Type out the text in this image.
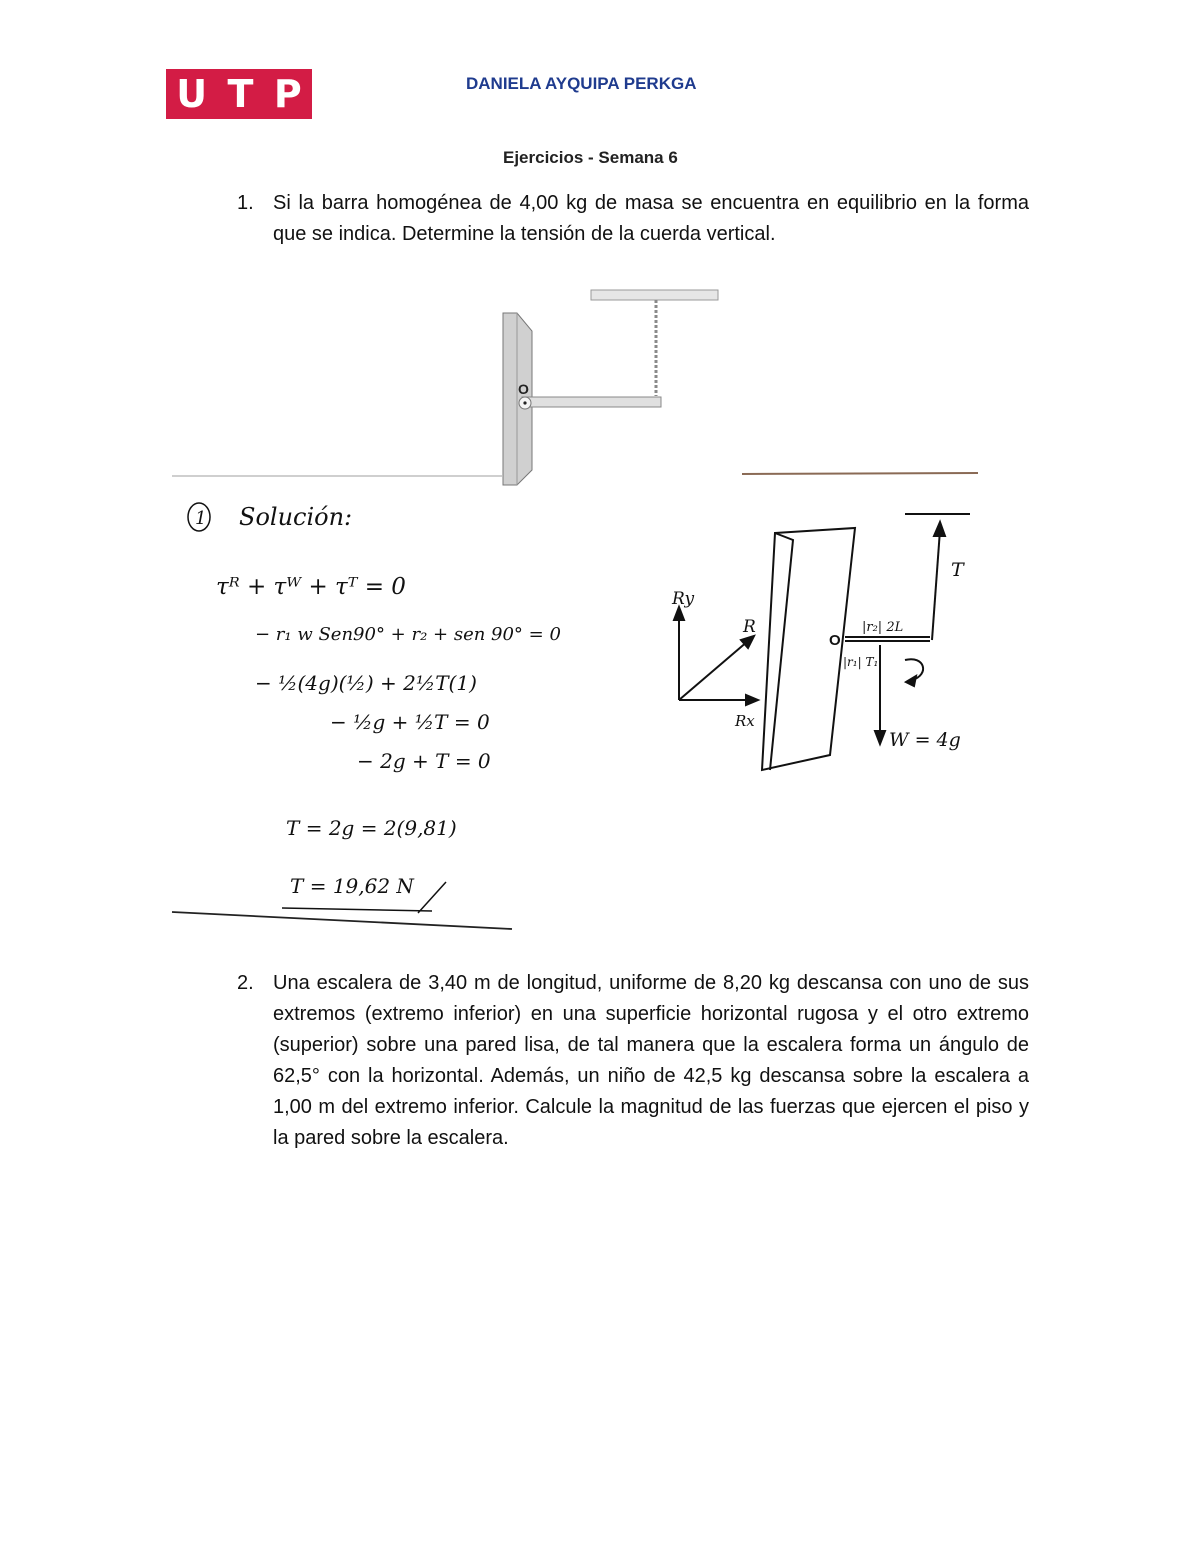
U T P	DANIELA AYQUIPA PERKGA
Ejercicios - Semana 6
1. Si la barra homogénea de 4,00 kg de masa se encuentra en equilibrio en la forma que se indica. Determine la tensión de la cuerda vertical.
2. Una escalera de 3,40 m de longitud, uniforme de 8,20 kg descansa con uno de sus extremos (extremo inferior) en una superficie horizontal rugosa y el otro extremo (superior) sobre una pared lisa, de tal manera que la escalera forma un ángulo de 62,5° con la horizontal. Además, un niño de 42,5 kg descansa sobre la escalera a 1,00 m del extremo inferior. Calcule la magnitud de las fuerzas que ejercen el piso y la pared sobre la escalera.
O
1 Solución:
τᴿ + τᵂ + τᵀ = 0
− r₁ w Sen90° + r₂ + sen 90° = 0
− ½(4g)(½) + 2½T(1)
− ½g + ½T = 0
− 2g + T = 0
T = 2g = 2(9,81)
T = 19,62 N
Ry
R
Rx
O
T
|r₂| 2L
|r₁| T₁
W = 4g
